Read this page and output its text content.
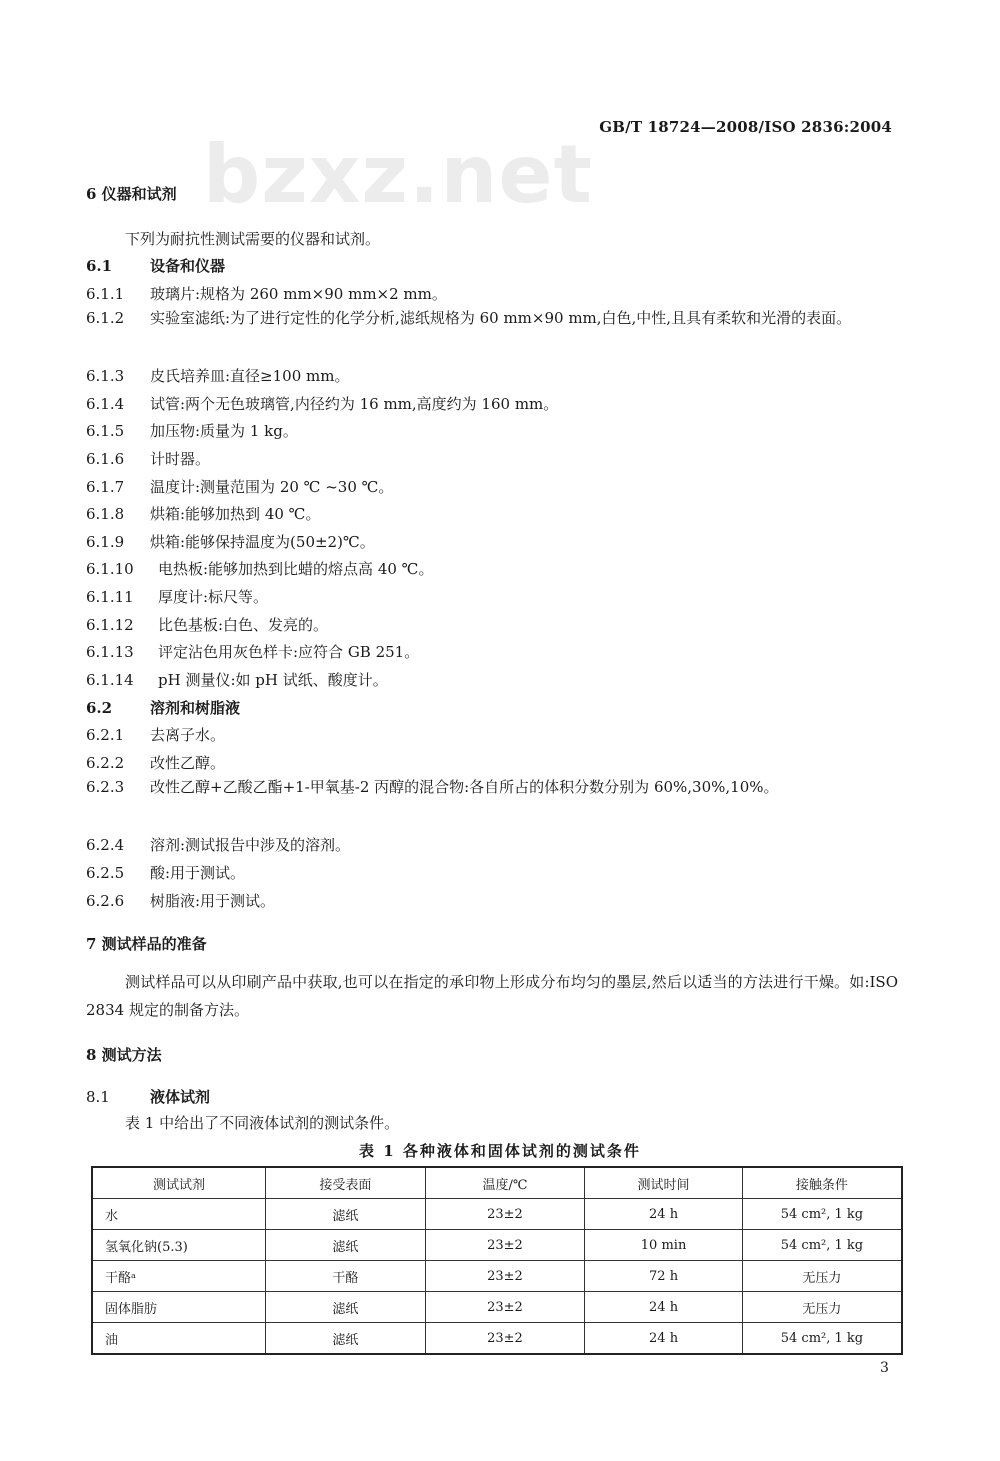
GB/T 18724—2008/ISO 2836:2004
bzxz.net
6 仪器和试剂
下列为耐抗性测试需要的仪器和试剂。
6.1	设备和仪器
6.1.1 玻璃片:规格为 260 mm×90 mm×2 mm。
6.1.2 实验室滤纸:为了进行定性的化学分析,滤纸规格为 60 mm×90 mm,白色,中性,且具有柔软和光滑的表面。
6.1.3 皮氏培养皿:直径≥100 mm。
6.1.4 试管:两个无色玻璃管,内径约为 16 mm,高度约为 160 mm。
6.1.5 加压物:质量为 1 kg。
6.1.6 计时器。
6.1.7 温度计:测量范围为 20 ℃ ~30 ℃。
6.1.8 烘箱:能够加热到 40 ℃。
6.1.9 烘箱:能够保持温度为(50±2)℃。
6.1.10 电热板:能够加热到比蜡的熔点高 40 ℃。
6.1.11 厚度计:标尺等。
6.1.12 比色基板:白色、发亮的。
6.1.13 评定沾色用灰色样卡:应符合 GB 251。
6.1.14 pH 测量仪:如 pH 试纸、酸度计。
6.2	溶剂和树脂液
6.2.1 去离子水。
6.2.2 改性乙醇。
6.2.3 改性乙醇+乙酸乙酯+1-甲氧基-2 丙醇的混合物:各自所占的体积分数分别为 60%,30%,10%。
6.2.4 溶剂:测试报告中涉及的溶剂。
6.2.5 酸:用于测试。
6.2.6 树脂液:用于测试。
7 测试样品的准备
测试样品可以从印刷产品中获取,也可以在指定的承印物上形成分布均匀的墨层,然后以适当的方法进行干燥。如:ISO 2834 规定的制备方法。
8 测试方法
8.1	液体试剂
表 1 中给出了不同液体试剂的测试条件。
表 1 各种液体和固体试剂的测试条件
测试试剂	接受表面	温度/℃	测试时间	接触条件
水	滤纸	23±2	24 h	54 cm², 1 kg
氢氧化钠(5.3)	滤纸	23±2	10 min	54 cm², 1 kg
干酪ᵃ	干酪	23±2	72 h	无压力
固体脂肪	滤纸	23±2	24 h	无压力
油	滤纸	23±2	24 h	54 cm², 1 kg
3
